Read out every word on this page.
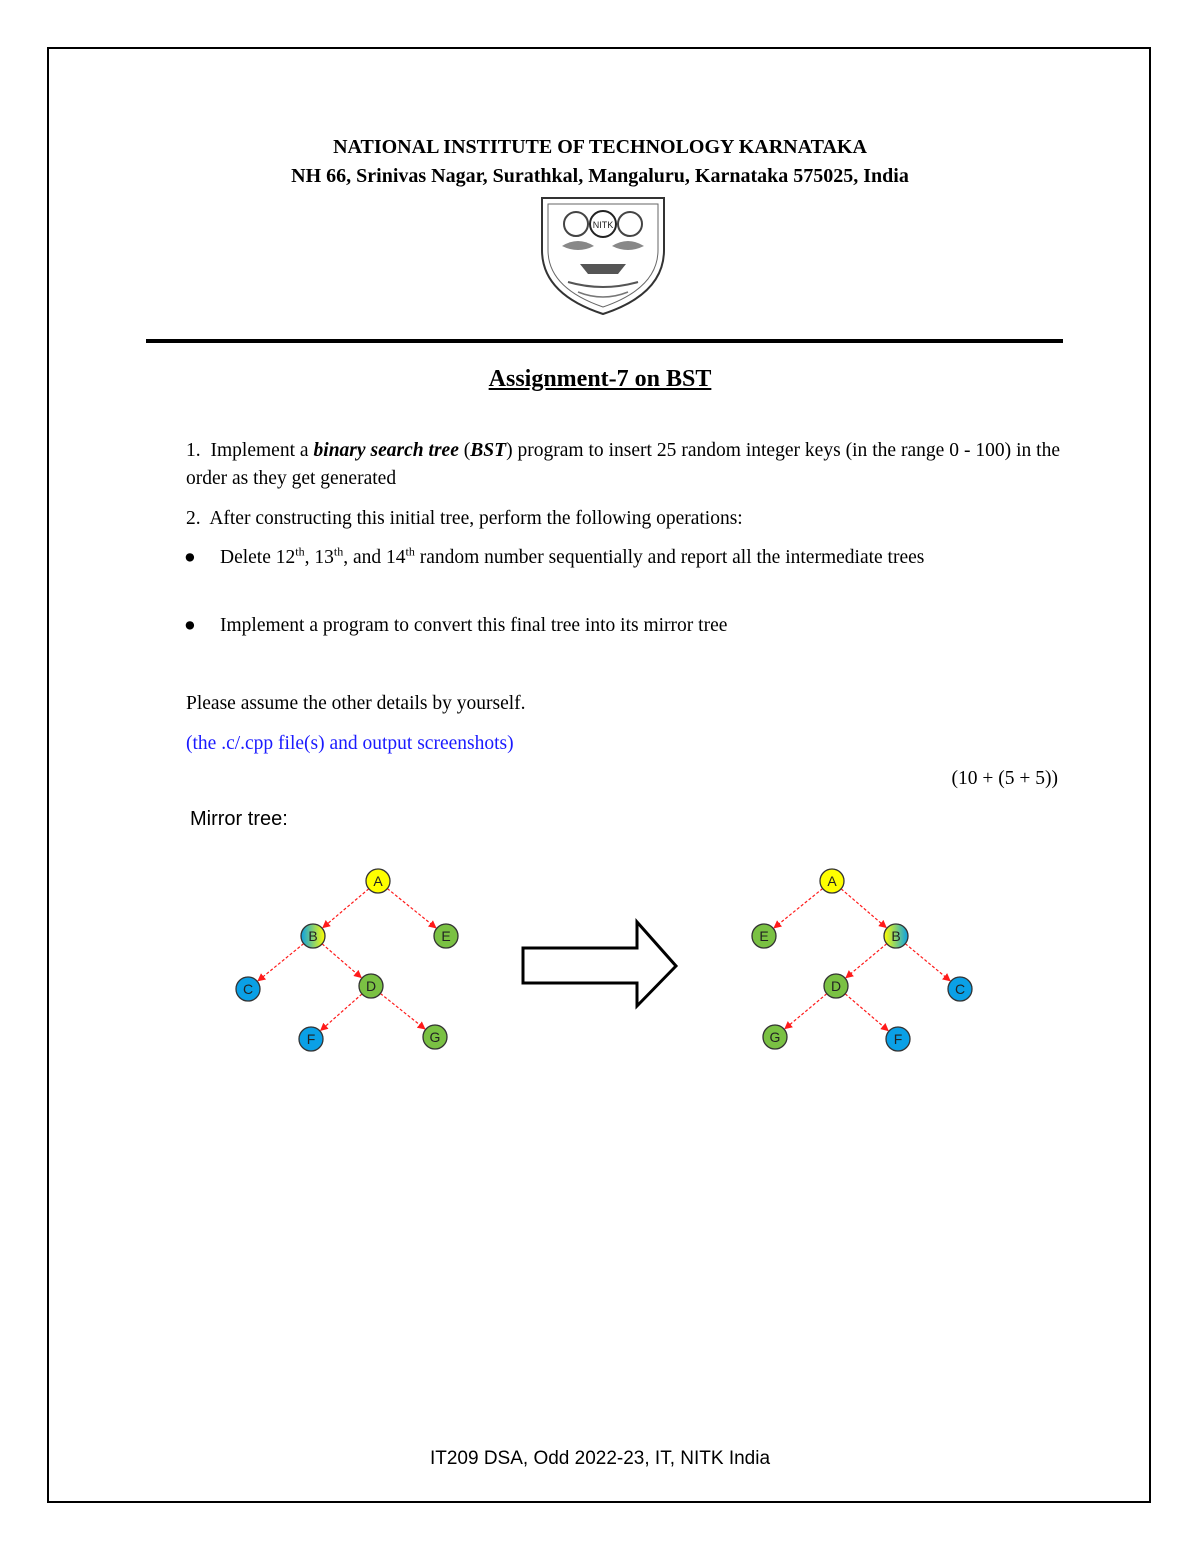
NATIONAL INSTITUTE OF TECHNOLOGY KARNATAKA
NH 66, Srinivas Nagar, Surathkal, Mangaluru, Karnataka 575025, India
NITK
Assignment-7 on BST
1. Implement a binary search tree (BST) program to insert 25 random integer keys (in the range 0 - 100) in the order as they get generated
2. After constructing this initial tree, perform the following operations:
● Delete 12th, 13th, and 14th random number sequentially and report all the intermediate trees
● Implement a program to convert this final tree into its mirror tree
Please assume the other details by yourself.
(the .c/.cpp file(s) and output screenshots)
(10 + (5 + 5))
Mirror tree:
A
B	E
C	D
F	G
A
E	B
D	C
G	F
IT209 DSA, Odd 2022-23, IT, NITK India
